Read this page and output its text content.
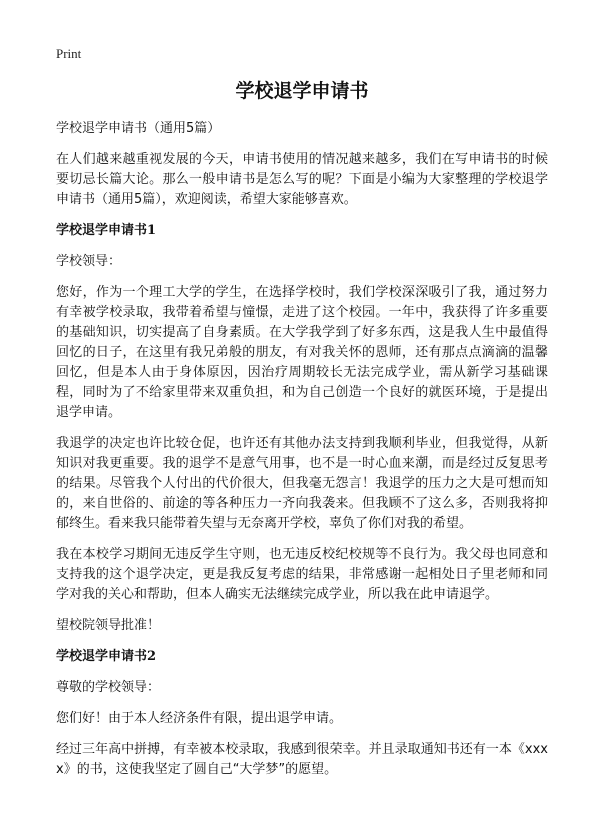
Print
学校退学申请书

学校退学申请书（通用5篇）

在人们越来越重视发展的今天，申请书使用的情况越来越多，我们在写申请书的时候要切忌长篇大论。那么一般申请书是怎么写的呢？下面是小编为大家整理的学校退学申请书（通用5篇），欢迎阅读，希望大家能够喜欢。

学校退学申请书1

学校领导：

您好，作为一个理工大学的学生，在选择学校时，我们学校深深吸引了我，通过努力有幸被学校录取，我带着希望与憧憬，走进了这个校园。一年中，我获得了许多重要的基础知识，切实提高了自身素质。在大学我学到了好多东西，这是我人生中最值得回忆的日子，在这里有我兄弟般的朋友，有对我关怀的恩师，还有那点点滴滴的温馨回忆，但是本人由于身体原因，因治疗周期较长无法完成学业，需从新学习基础课程，同时为了不给家里带来双重负担，和为自己创造一个良好的就医环境，于是提出退学申请。

我退学的决定也许比较仓促，也许还有其他办法支持到我顺利毕业，但我觉得，从新知识对我更重要。我的退学不是意气用事，也不是一时心血来潮，而是经过反复思考的结果。尽管我个人付出的代价很大，但我毫无怨言！我退学的压力之大是可想而知的，来自世俗的、前途的等各种压力一齐向我袭来。但我顾不了这么多，否则我将抑郁终生。看来我只能带着失望与无奈离开学校，辜负了你们对我的希望。

我在本校学习期间无违反学生守则，也无违反校纪校规等不良行为。我父母也同意和支持我的这个退学决定，更是我反复考虑的结果，非常感谢一起相处日子里老师和同学对我的关心和帮助，但本人确实无法继续完成学业，所以我在此申请退学。

望校院领导批准！

学校退学申请书2

尊敬的学校领导：

您们好！由于本人经济条件有限，提出退学申请。

经过三年高中拼搏，有幸被本校录取，我感到很荣幸。并且录取通知书还有一本《xxxx》的书，这使我坚定了圆自己“大学梦”的愿望。
